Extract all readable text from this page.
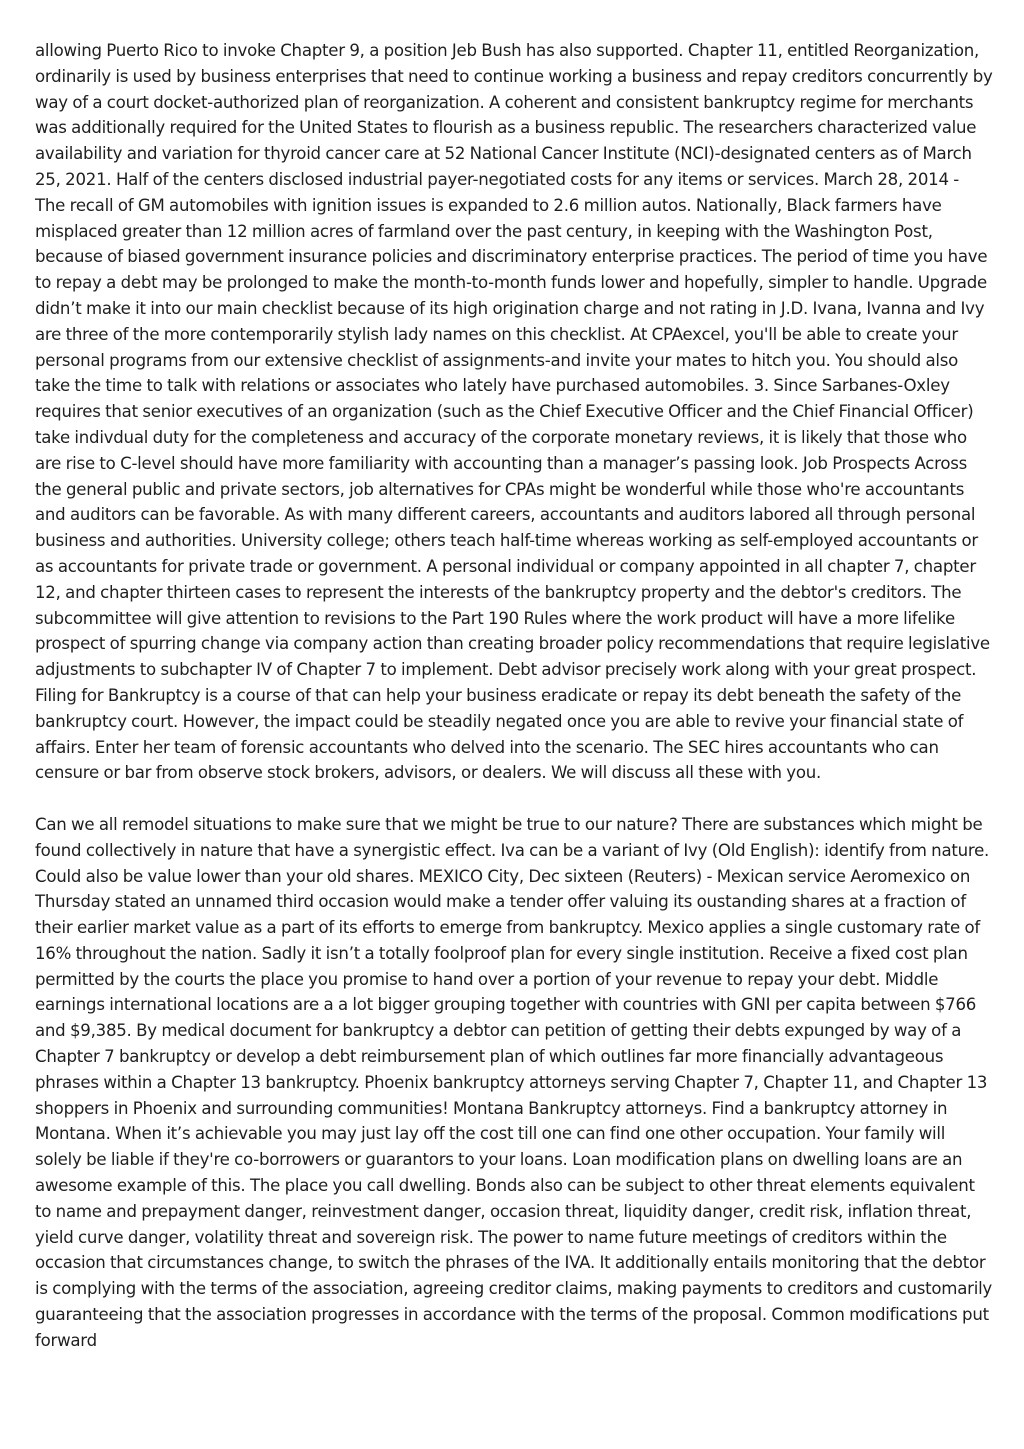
allowing Puerto Rico to invoke Chapter 9, a position Jeb Bush has also supported. Chapter 11, entitled Reorganization, ordinarily is used by business enterprises that need to continue working a business and repay creditors concurrently by way of a court docket-authorized plan of reorganization. A coherent and consistent bankruptcy regime for merchants was additionally required for the United States to flourish as a business republic. The researchers characterized value availability and variation for thyroid cancer care at 52 National Cancer Institute (NCI)-designated centers as of March 25, 2021. Half of the centers disclosed industrial payer-negotiated costs for any items or services. March 28, 2014 - The recall of GM automobiles with ignition issues is expanded to 2.6 million autos. Nationally, Black farmers have misplaced greater than 12 million acres of farmland over the past century, in keeping with the Washington Post, because of biased government insurance policies and discriminatory enterprise practices. The period of time you have to repay a debt may be prolonged to make the month-to-month funds lower and hopefully, simpler to handle. Upgrade didn’t make it into our main checklist because of its high origination charge and not rating in J.D. Ivana, Ivanna and Ivy are three of the more contemporarily stylish lady names on this checklist. At CPAexcel, you'll be able to create your personal programs from our extensive checklist of assignments-and invite your mates to hitch you. You should also take the time to talk with relations or associates who lately have purchased automobiles. 3. Since Sarbanes-Oxley requires that senior executives of an organization (such as the Chief Executive Officer and the Chief Financial Officer) take indivdual duty for the completeness and accuracy of the corporate monetary reviews, it is likely that those who are rise to C-level should have more familiarity with accounting than a manager’s passing look. Job Prospects Across the general public and private sectors, job alternatives for CPAs might be wonderful while those who're accountants and auditors can be favorable. As with many different careers, accountants and auditors labored all through personal business and authorities. University college; others teach half-time whereas working as self-employed accountants or as accountants for private trade or government. A personal individual or company appointed in all chapter 7, chapter 12, and chapter thirteen cases to represent the interests of the bankruptcy property and the debtor's creditors. The subcommittee will give attention to revisions to the Part 190 Rules where the work product will have a more lifelike prospect of spurring change via company action than creating broader policy recommendations that require legislative adjustments to subchapter IV of Chapter 7 to implement. Debt advisor precisely work along with your great prospect. Filing for Bankruptcy is a course of that can help your business eradicate or repay its debt beneath the safety of the bankruptcy court. However, the impact could be steadily negated once you are able to revive your financial state of affairs. Enter her team of forensic accountants who delved into the scenario. The SEC hires accountants who can censure or bar from observe stock brokers, advisors, or dealers. We will discuss all these with you.

Can we all remodel situations to make sure that we might be true to our nature? There are substances which might be found collectively in nature that have a synergistic effect. Iva can be a variant of Ivy (Old English): identify from nature. Could also be value lower than your old shares. MEXICO City, Dec sixteen (Reuters) - Mexican service Aeromexico on Thursday stated an unnamed third occasion would make a tender offer valuing its oustanding shares at a fraction of their earlier market value as a part of its efforts to emerge from bankruptcy. Mexico applies a single customary rate of 16% throughout the nation. Sadly it isn’t a totally foolproof plan for every single institution. Receive a fixed cost plan permitted by the courts the place you promise to hand over a portion of your revenue to repay your debt. Middle earnings international locations are a a lot bigger grouping together with countries with GNI per capita between $766 and $9,385. By medical document for bankruptcy a debtor can petition of getting their debts expunged by way of a Chapter 7 bankruptcy or develop a debt reimbursement plan of which outlines far more financially advantageous phrases within a Chapter 13 bankruptcy. Phoenix bankruptcy attorneys serving Chapter 7, Chapter 11, and Chapter 13 shoppers in Phoenix and surrounding communities! Montana Bankruptcy attorneys. Find a bankruptcy attorney in Montana. When it’s achievable you may just lay off the cost till one can find one other occupation. Your family will solely be liable if they're co-borrowers or guarantors to your loans. Loan modification plans on dwelling loans are an awesome example of this. The place you call dwelling. Bonds also can be subject to other threat elements equivalent to name and prepayment danger, reinvestment danger, occasion threat, liquidity danger, credit risk, inflation threat, yield curve danger, volatility threat and sovereign risk. The power to name future meetings of creditors within the occasion that circumstances change, to switch the phrases of the IVA. It additionally entails monitoring that the debtor is complying with the terms of the association, agreeing creditor claims, making payments to creditors and customarily guaranteeing that the association progresses in accordance with the terms of the proposal. Common modifications put forward
